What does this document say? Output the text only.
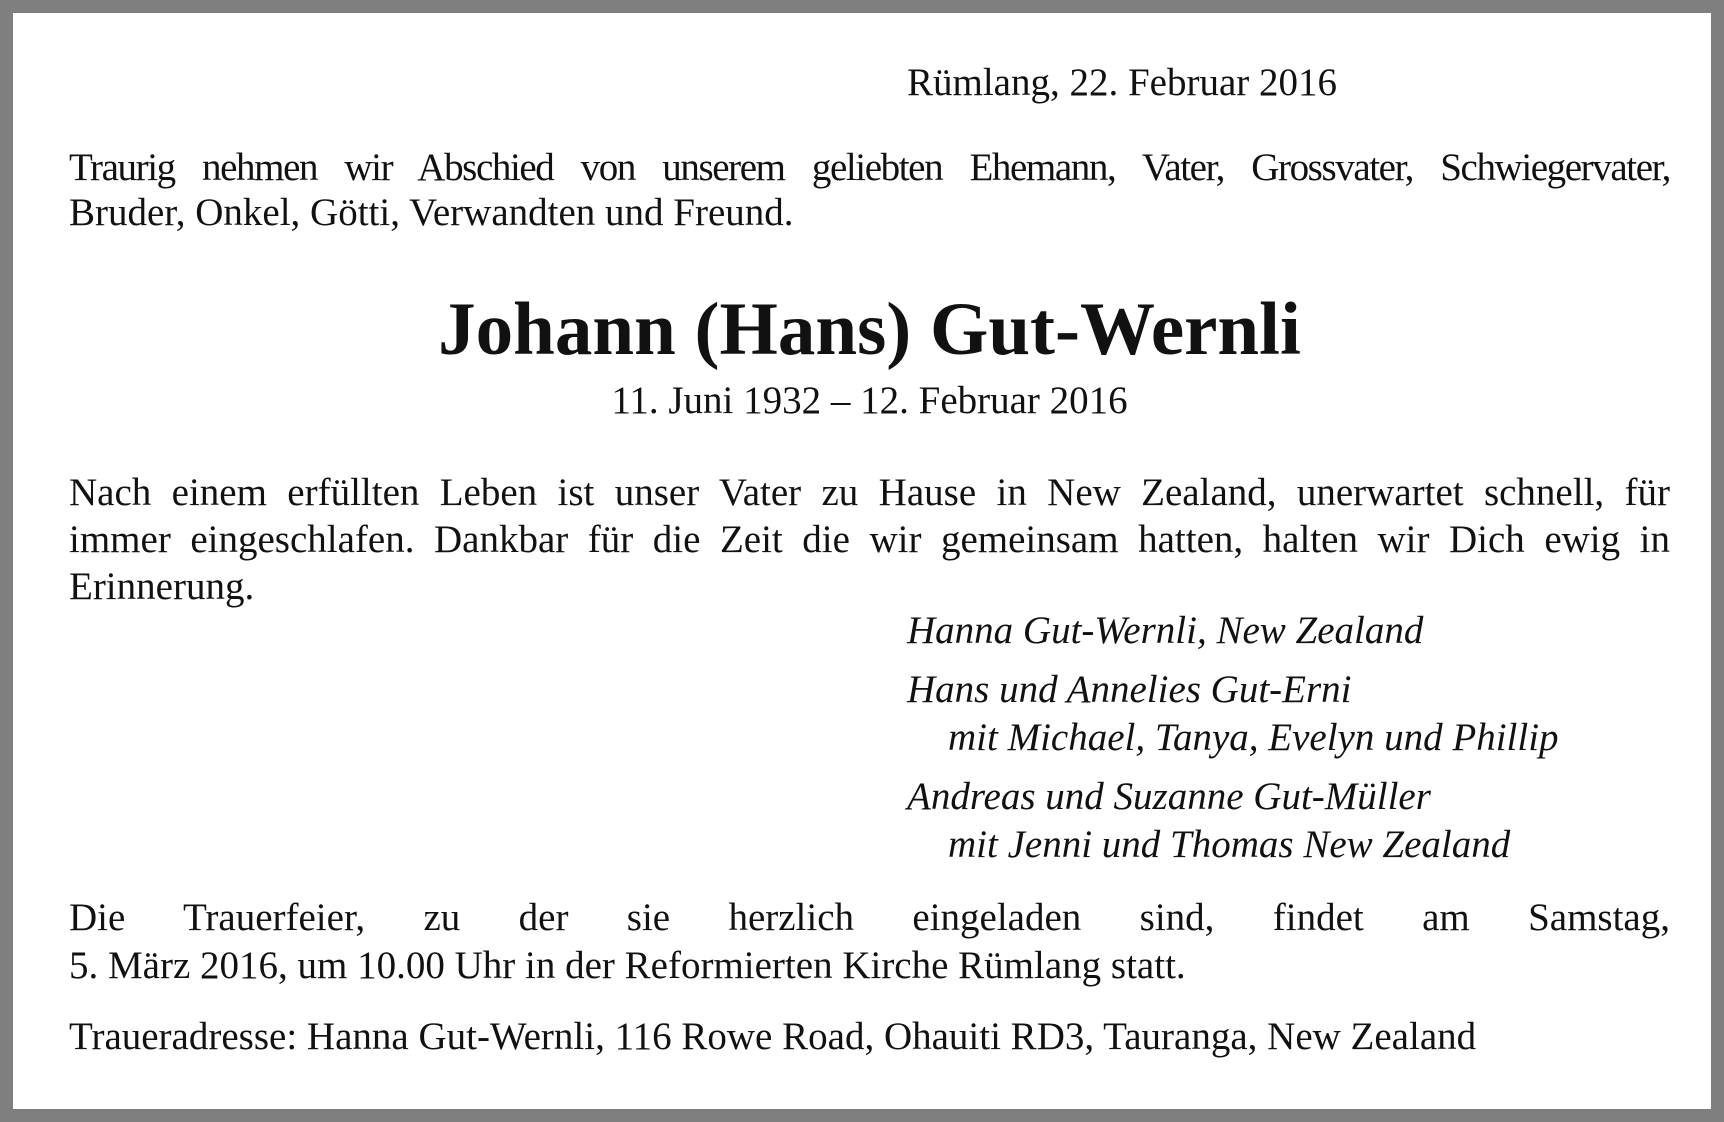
Rümlang, 22. Februar 2016
Traurig nehmen wir Abschied von unserem geliebten Ehemann, Vater, Grossvater, Schwiegervater,
Bruder, Onkel, Götti, Verwandten und Freund.
Johann (Hans) Gut-Wernli
11. Juni 1932 – 12. Februar 2016
Nach einem erfüllten Leben ist unser Vater zu Hause in New Zealand, unerwartet schnell, für
immer eingeschlafen. Dankbar für die Zeit die wir gemeinsam hatten, halten wir Dich ewig in
Erinnerung.
Hanna Gut-Wernli, New Zealand
Hans und Annelies Gut-Erni
mit Michael, Tanya, Evelyn und Phillip
Andreas und Suzanne Gut-Müller
mit Jenni und Thomas New Zealand
Die Trauerfeier, zu der sie herzlich eingeladen sind, findet am Samstag,
5. März 2016, um 10.00 Uhr in der Reformierten Kirche Rümlang statt.
Traueradresse: Hanna Gut-Wernli, 116 Rowe Road, Ohauiti RD3, Tauranga, New Zealand
